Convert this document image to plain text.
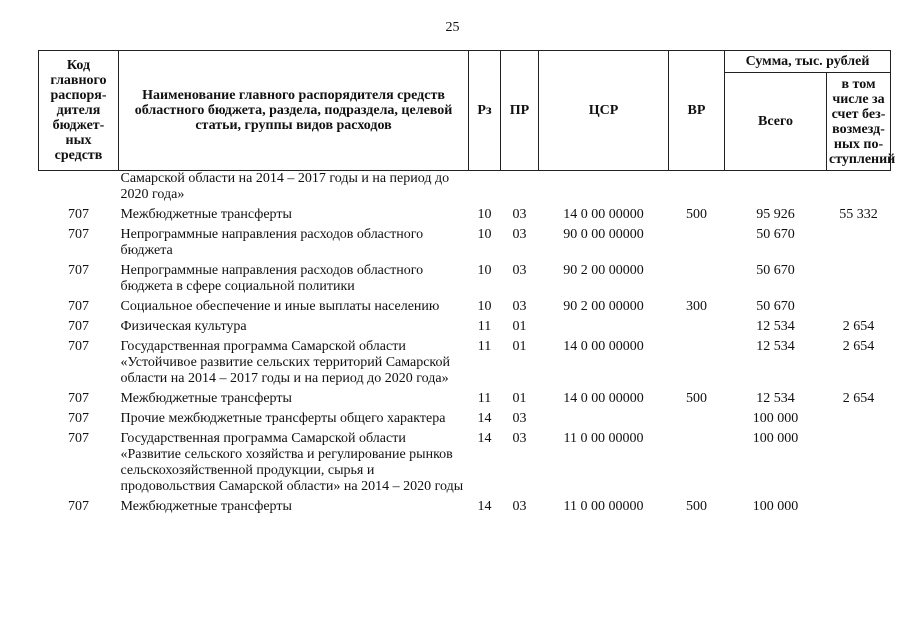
25
Код главного распоря-дителя бюджет-ных средств	Наименование главного распорядителя средств областного бюджета, раздела, подраздела, целевой статьи, группы видов расходов	Рз	ПР	ЦСР	ВР	Сумма, тыс. рублей	
						Всего	в том числе за счет без-возмезд-ных по-ступлений
	Самарской области на 2014 – 2017 годы и на период до 2020 года»						
707	Межбюджетные трансферты	10	03	14 0 00 00000	500	95 926	55 332
707	Непрограммные направления расходов областного бюджета	10	03	90 0 00 00000		50 670	
707	Непрограммные направления расходов областного бюджета в сфере социальной политики	10	03	90 2 00 00000		50 670	
707	Социальное обеспечение и иные выплаты населению	10	03	90 2 00 00000	300	50 670	
707	Физическая культура	11	01			12 534	2 654
707	Государственная программа Самарской области «Устойчивое развитие сельских территорий Самарской области на 2014 – 2017 годы и на период до 2020 года»	11	01	14 0 00 00000		12 534	2 654
707	Межбюджетные трансферты	11	01	14 0 00 00000	500	12 534	2 654
707	Прочие межбюджетные трансферты общего характера	14	03			100 000	
707	Государственная программа Самарской области «Развитие сельского хозяйства и регулирование рынков сельскохозяйственной продукции, сырья и продовольствия Самарской области» на 2014 – 2020 годы	14	03	11 0 00 00000		100 000	
707	Межбюджетные трансферты	14	03	11 0 00 00000	500	100 000	
